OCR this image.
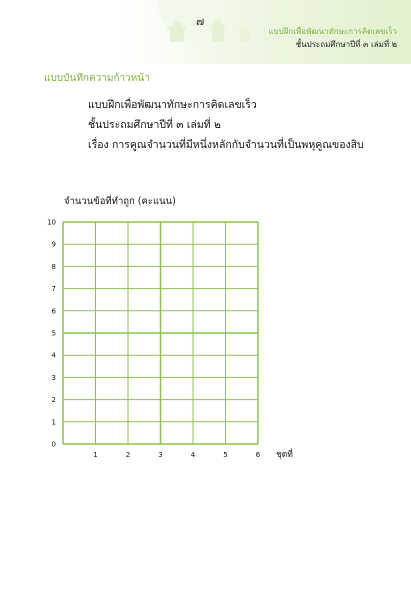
๗
แบบฝึกเพื่อพัฒนาทักษะการคิดเลขเร็ว
ชั้นประถมศึกษาปีที่ ๓ เล่มที่ ๒
แบบบันทึกความก้าวหน้า
แบบฝึกเพื่อพัฒนาทักษะการคิดเลขเร็ว
ชั้นประถมศึกษาปีที่ ๓ เล่มที่ ๒
เรื่อง การคูณจำนวนที่มีหนึ่งหลักกับจำนวนที่เป็นพหุคูณของสิบ
จำนวนข้อที่ทำถูก (คะแนน)
0
1
2
3
4
5
6
7
8
9
10
1	2	3	4	5	6 ชุดที่
